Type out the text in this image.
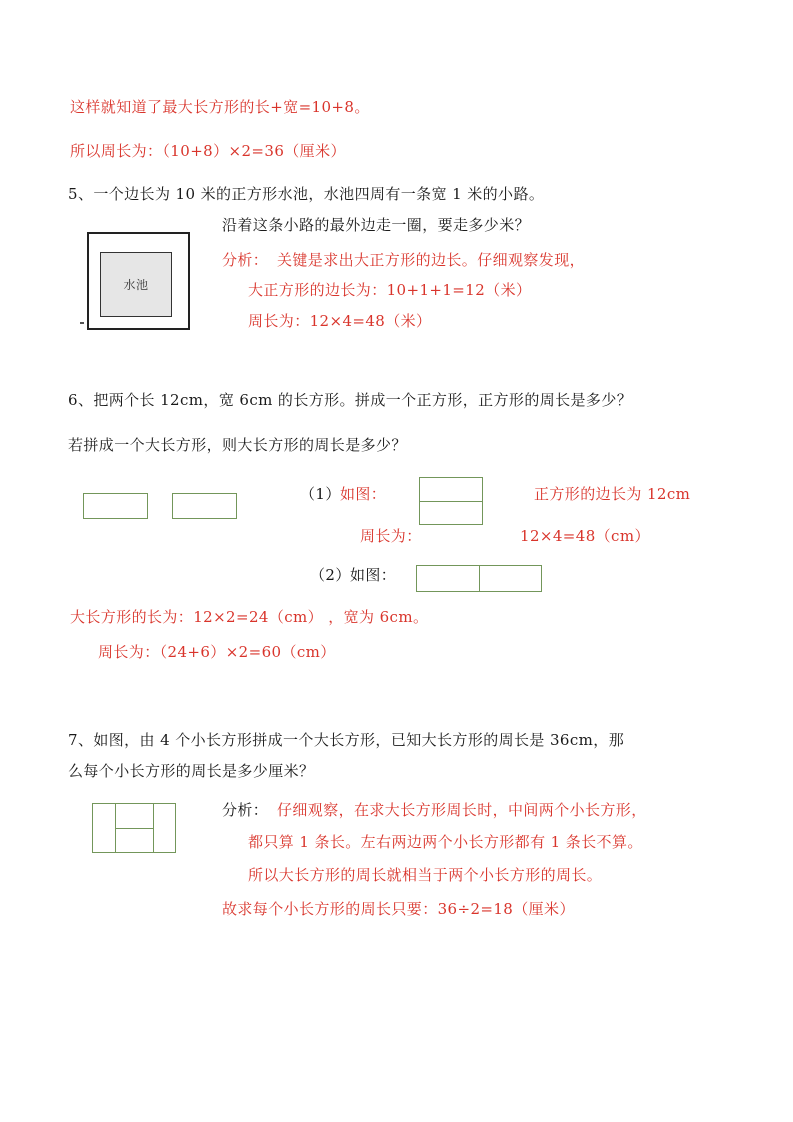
这样就知道了最大长方形的长+宽=10+8。
所以周长为：（10+8）×2=36（厘米）
5、一个边长为 10 米的正方形水池，水池四周有一条宽 1 米的小路。
沿着这条小路的最外边走一圈，要走多少米？
水池
分析： 关键是求出大正方形的边长。仔细观察发现，
大正方形的边长为：10+1+1=12（米）
周长为：12×4=48（米）
6、把两个长 12cm，宽 6cm 的长方形。拼成一个正方形，正方形的周长是多少？
若拼成一个大长方形，则大长方形的周长是多少？
（1） 如图：	正方形的边长为 12cm
周长为：	12×4=48（cm）
（2） 如图：
大长方形的长为：12×2=24（cm） ，宽为 6cm。
周长为：（24+6）×2=60（cm）
7、如图，由 4 个小长方形拼成一个大长方形，已知大长方形的周长是 36cm，那
么每个小长方形的周长是多少厘米？
分析： 仔细观察，在求大长方形周长时，中间两个小长方形，
都只算 1 条长。左右两边两个小长方形都有 1 条长不算。
所以大长方形的周长就相当于两个小长方形的周长。
故求每个小长方形的周长只要：36÷2=18（厘米）
